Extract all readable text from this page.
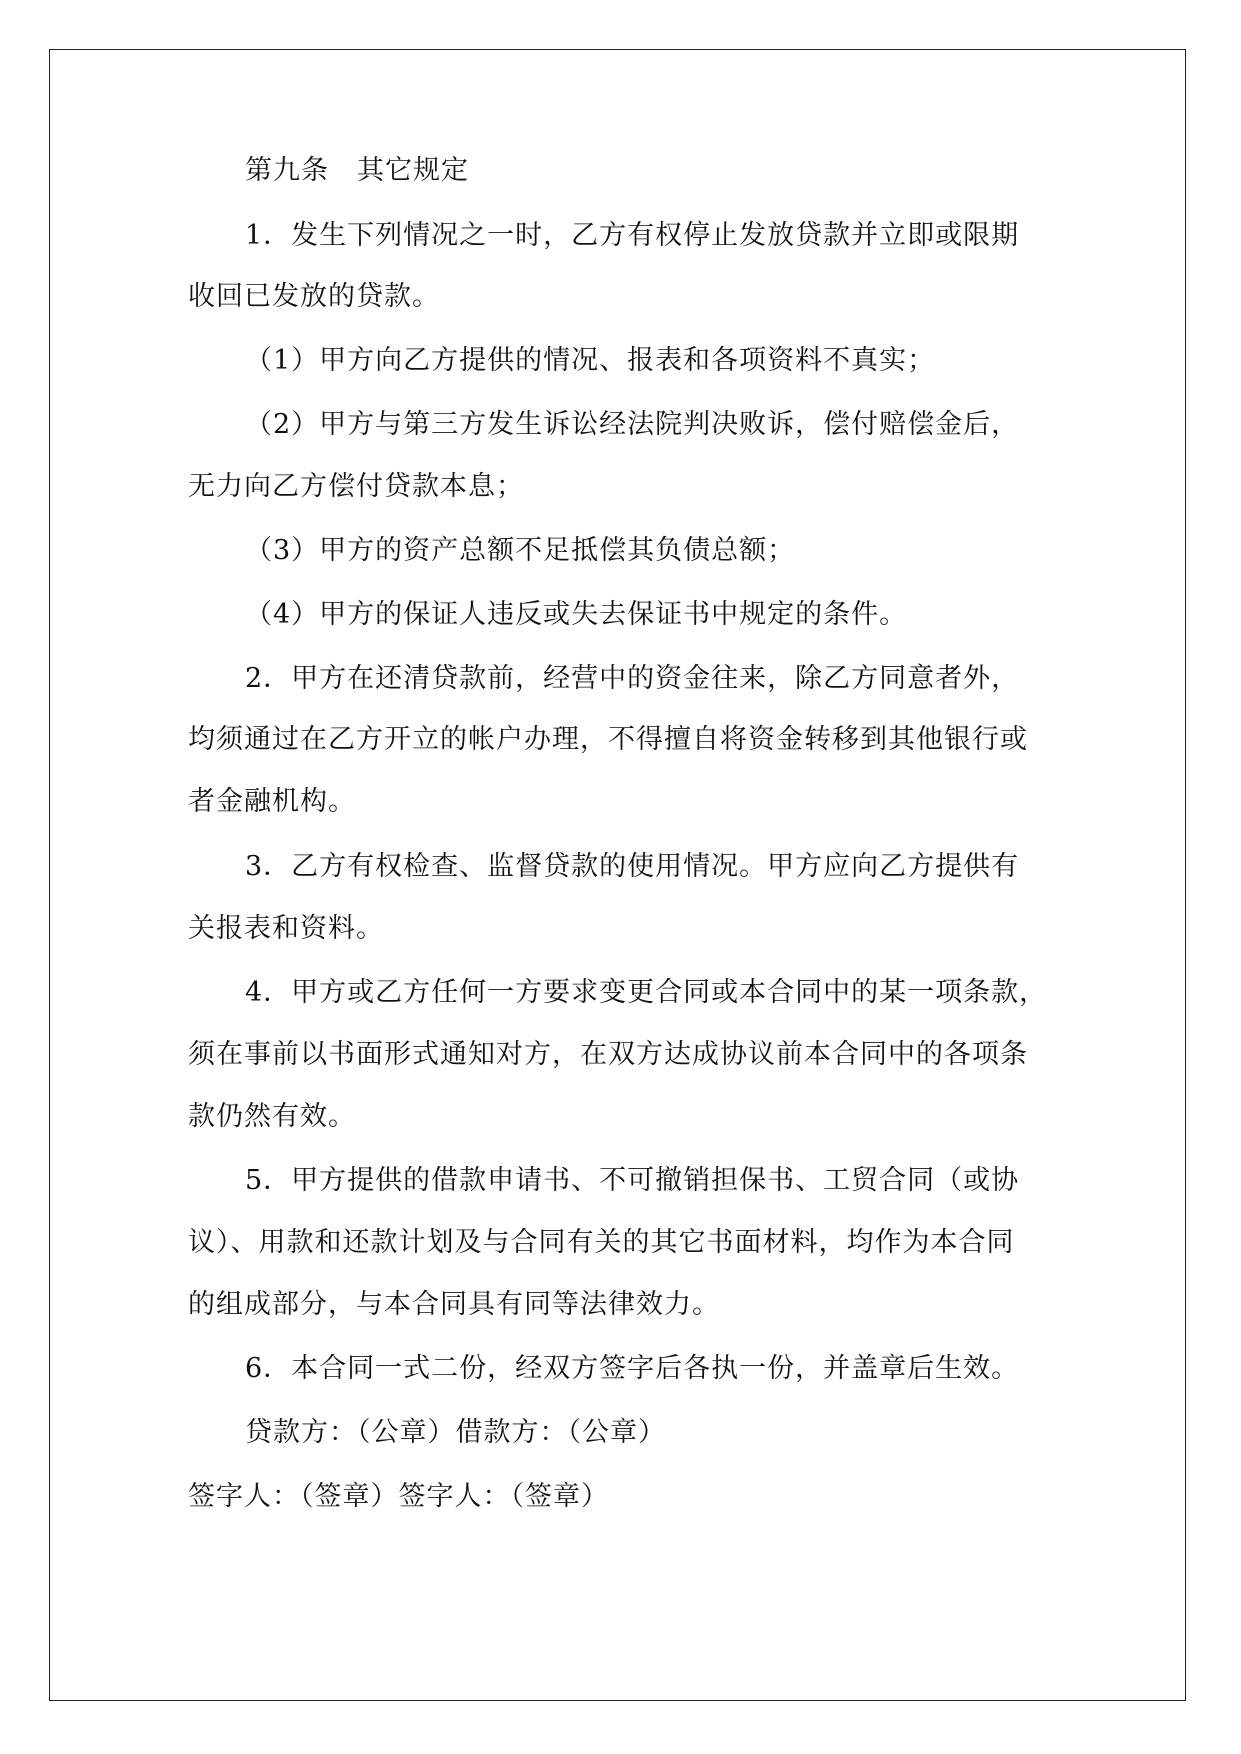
第九条　其它规定
1．发生下列情况之一时，乙方有权停止发放贷款并立即或限期
收回已发放的贷款。
（1）甲方向乙方提供的情况、报表和各项资料不真实；
（2）甲方与第三方发生诉讼经法院判决败诉，偿付赔偿金后，
无力向乙方偿付贷款本息；
（3）甲方的资产总额不足抵偿其负债总额；
（4）甲方的保证人违反或失去保证书中规定的条件。
2．甲方在还清贷款前，经营中的资金往来，除乙方同意者外，
均须通过在乙方开立的帐户办理，不得擅自将资金转移到其他银行或
者金融机构。
3．乙方有权检查、监督贷款的使用情况。甲方应向乙方提供有
关报表和资料。
4．甲方或乙方任何一方要求变更合同或本合同中的某一项条款，
须在事前以书面形式通知对方，在双方达成协议前本合同中的各项条
款仍然有效。
5．甲方提供的借款申请书、不可撤销担保书、工贸合同（或协
议）、用款和还款计划及与合同有关的其它书面材料，均作为本合同
的组成部分，与本合同具有同等法律效力。
6．本合同一式二份，经双方签字后各执一份，并盖章后生效。
贷款方：（公章）借款方：（公章）
签字人：（签章）签字人：（签章）
